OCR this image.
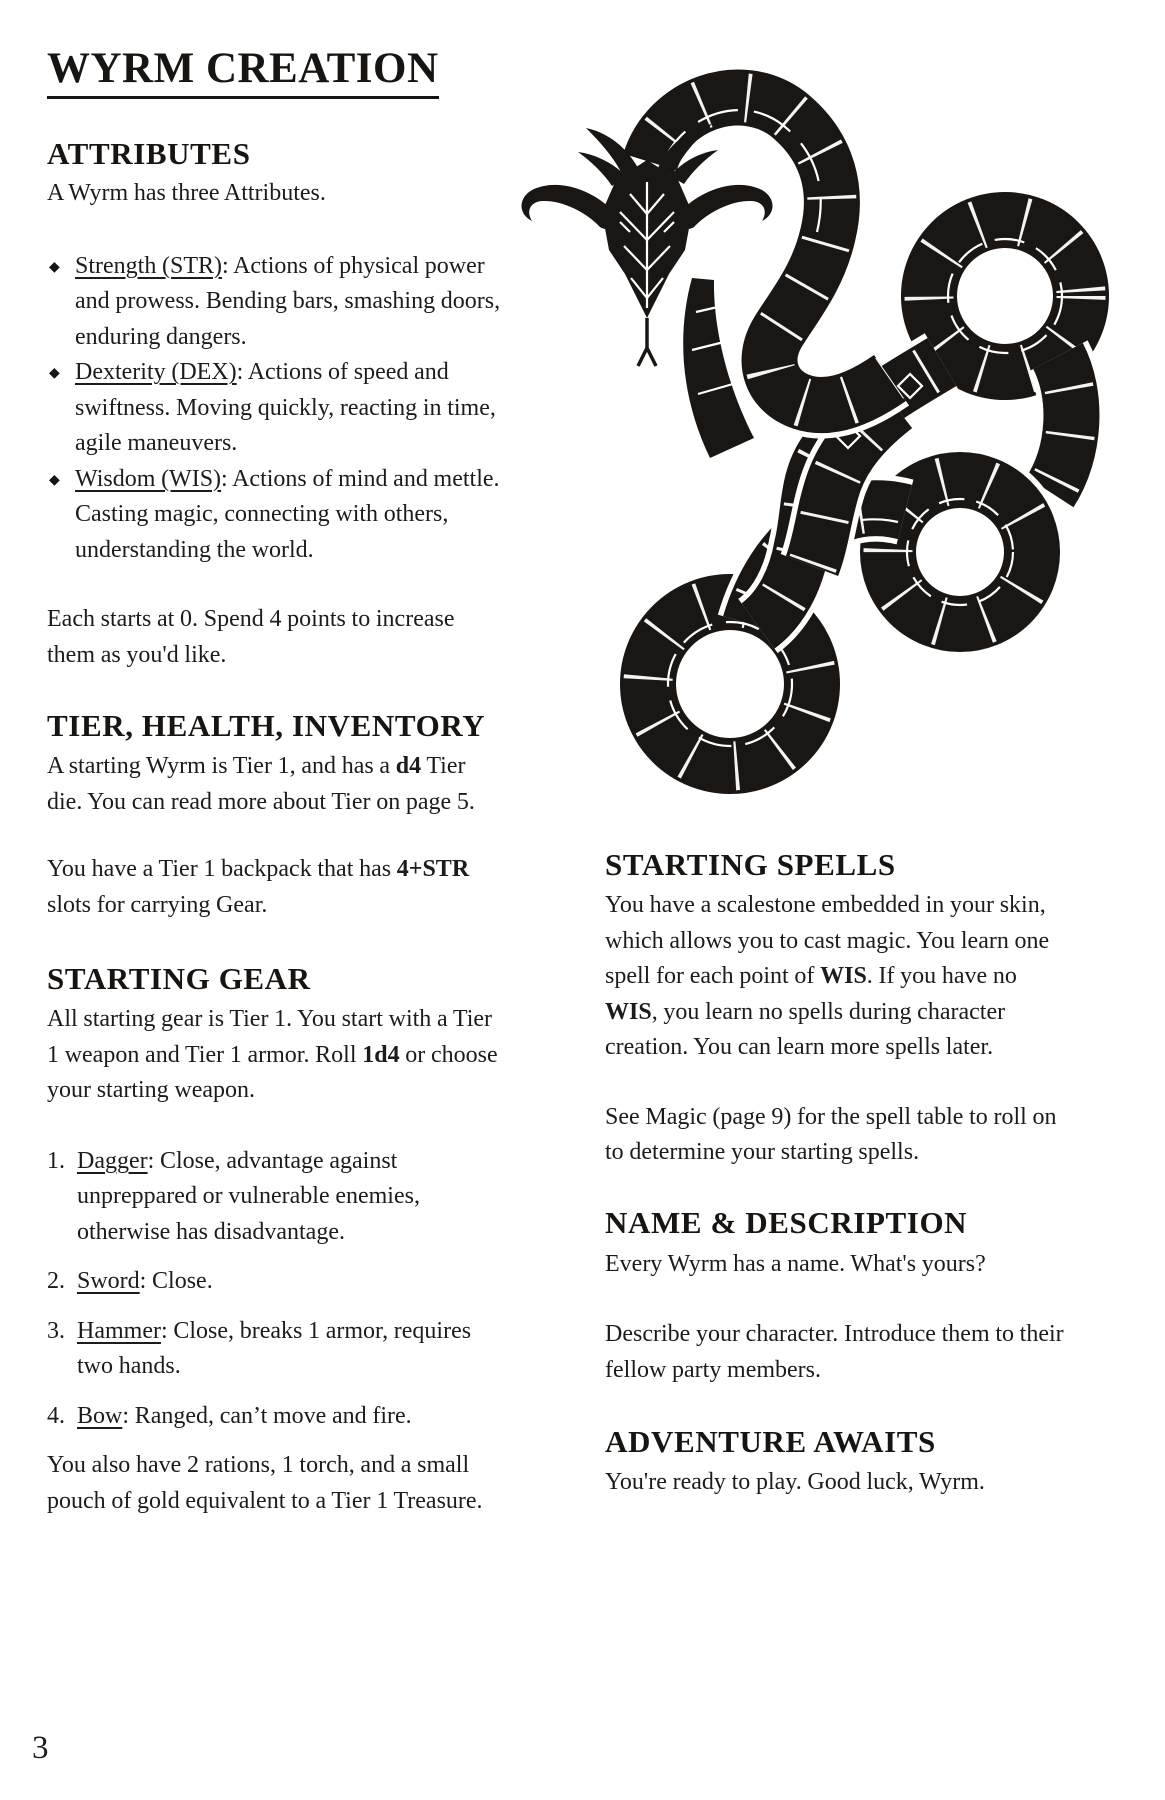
WYRM CREATION
ATTRIBUTES

A Wyrm has three Attributes.

◆ Strength (STR): Actions of physical power and prowess. Bending bars, smashing doors, enduring dangers.
◆ Dexterity (DEX): Actions of speed and swiftness. Moving quickly, reacting in time, agile maneuvers.
◆ Wisdom (WIS): Actions of mind and mettle. Casting magic, connecting with others, understanding the world.

Each starts at 0. Spend 4 points to increase them as you'd like.

TIER, HEALTH, INVENTORY

A starting Wyrm is Tier 1, and has a d4 Tier die. You can read more about Tier on page 5.

You have a Tier 1 backpack that has 4+STR slots for carrying Gear.

STARTING GEAR

All starting gear is Tier 1. You start with a Tier 1 weapon and Tier 1 armor. Roll 1d4 or choose your starting weapon.

1. Dagger: Close, advantage against unpreppared or vulnerable enemies, otherwise has disadvantage.
2. Sword: Close.
3. Hammer: Close, breaks 1 armor, requires two hands.
4. Bow: Ranged, can’t move and fire.

You also have 2 rations, 1 torch, and a small pouch of gold equivalent to a Tier 1 Treasure.

STARTING SPELLS

You have a scalestone embedded in your skin, which allows you to cast magic. You learn one spell for each point of WIS. If you have no WIS, you learn no spells during character creation. You can learn more spells later.

See Magic (page 9) for the spell table to roll on to determine your starting spells.

NAME & DESCRIPTION

Every Wyrm has a name. What's yours?

Describe your character. Introduce them to their fellow party members.

ADVENTURE AWAITS

You're ready to play. Good luck, Wyrm.

3
